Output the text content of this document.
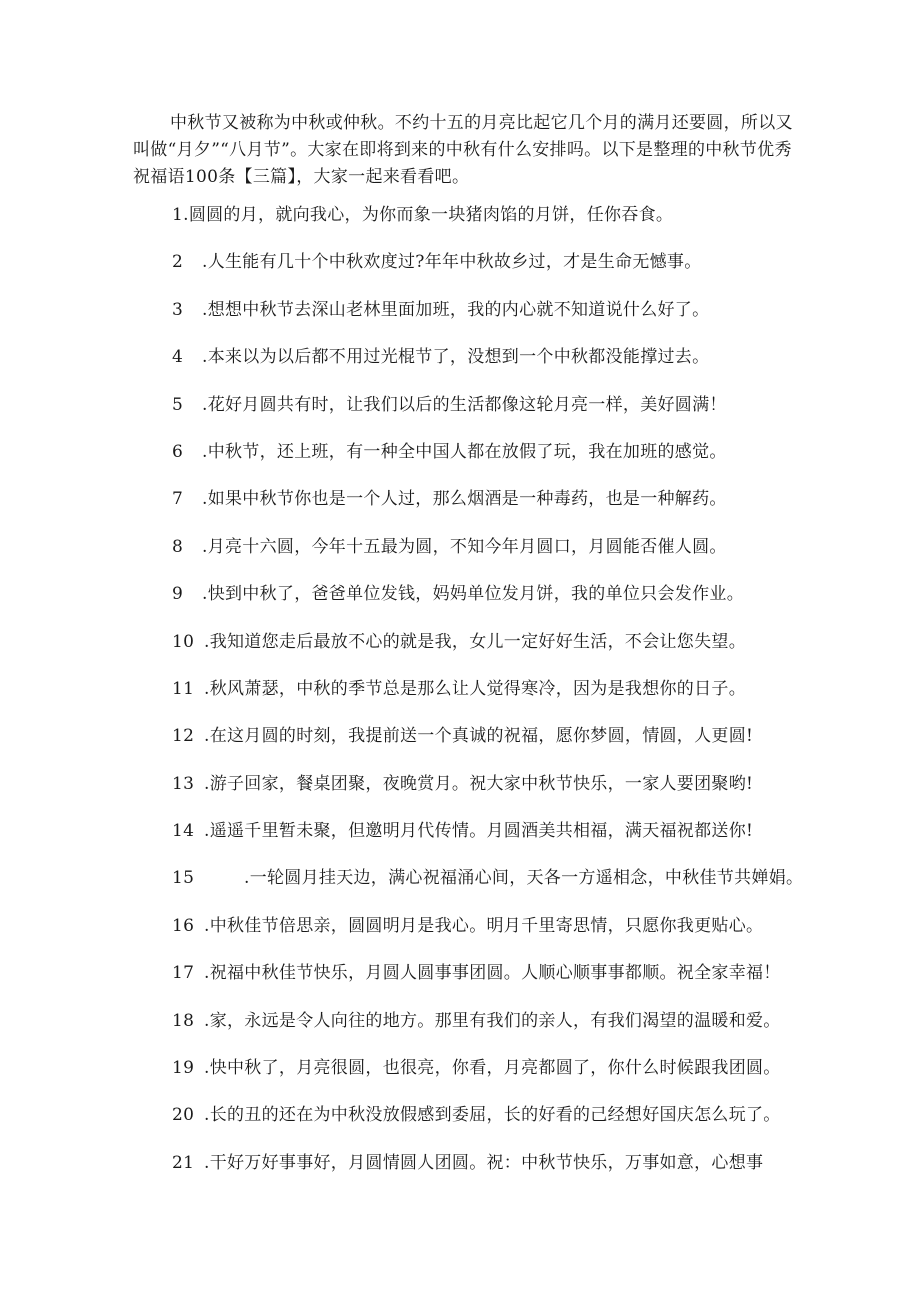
中秋节又被称为中秋或仲秋。不约十五的月亮比起它几个月的满月还要圆，所以又叫做“月夕”“八月节”。大家在即将到来的中秋有什么安排吗。以下是整理的中秋节优秀祝福语100条【三篇】，大家一起来看看吧。

1.圆圆的月，就向我心，为你而象一块猪肉馅的月饼，任你吞食。
2	.人生能有几十个中秋欢度过?年年中秋故乡过，才是生命无憾事。
3	.想想中秋节去深山老林里面加班，我的内心就不知道说什么好了。
4	.本来以为以后都不用过光棍节了，没想到一个中秋都没能撑过去。
5	.花好月圆共有时，让我们以后的生活都像这轮月亮一样，美好圆满！
6	.中秋节，还上班，有一种全中国人都在放假了玩，我在加班的感觉。
7	.如果中秋节你也是一个人过，那么烟酒是一种毒药，也是一种解药。
8	.月亮十六圆，今年十五最为圆，不知今年月圆口，月圆能否催人圆。
9	.快到中秋了，爸爸单位发钱，妈妈单位发月饼，我的单位只会发作业。
10 .我知道您走后最放不心的就是我，女儿一定好好生活，不会让您失望。
11 .秋风萧瑟，中秋的季节总是那么让人觉得寒冷，因为是我想你的日子。
12 .在这月圆的时刻，我提前送一个真诚的祝福，愿你梦圆，情圆，人更圆!
13 .游子回家，餐桌团聚，夜晚赏月。祝大家中秋节快乐，一家人要团聚哟!
14 .遥遥千里暂未聚，但邀明月代传情。月圆酒美共相福，满天福祝都送你!
15	.一轮圆月挂天边，满心祝福涌心间，天各一方遥相念，中秋佳节共婵娟。
16 .中秋佳节倍思亲，圆圆明月是我心。明月千里寄思情，只愿你我更贴心。
17 .祝福中秋佳节快乐，月圆人圆事事团圆。人顺心顺事事都顺。祝全家幸福！
18 .家，永远是令人向往的地方。那里有我们的亲人，有我们渴望的温暖和爱。
19 .快中秋了，月亮很圆，也很亮，你看，月亮都圆了，你什么时候跟我团圆。
20 .长的丑的还在为中秋没放假感到委屈，长的好看的己经想好国庆怎么玩了。
21 .干好万好事事好，月圆情圆人团圆。祝：中秋节快乐，万事如意，心想事
